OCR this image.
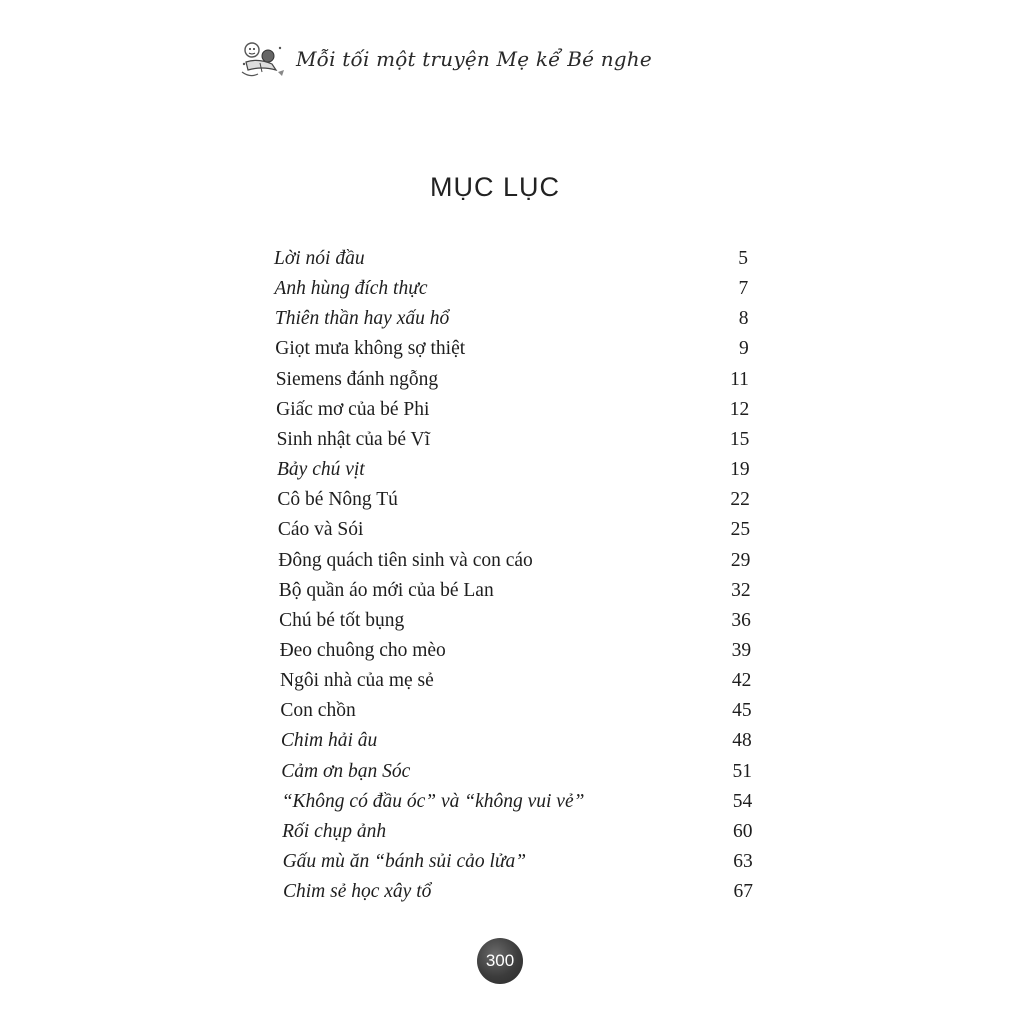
Mỗi tối một truyện Mẹ kể Bé nghe
MỤC LỤC
Lời nói đầu	5
Anh hùng đích thực	7
Thiên thần hay xấu hổ	8
Giọt mưa không sợ thiệt	9
Siemens đánh ngỗng	11
Giấc mơ của bé Phi	12
Sinh nhật của bé Vĩ	15
Bảy chú vịt	19
Cô bé Nông Tú	22
Cáo và Sói	25
Đông quách tiên sinh và con cáo	29
Bộ quần áo mới của bé Lan	32
Chú bé tốt bụng	36
Đeo chuông cho mèo	39
Ngôi nhà của mẹ sẻ	42
Con chồn	45
Chim hải âu	48
Cảm ơn bạn Sóc	51
“Không có đầu óc” và “không vui vẻ”	54
Rối chụp ảnh	60
Gấu mù ăn “bánh sủi cảo lửa”	63
Chim sẻ học xây tổ	67
300
